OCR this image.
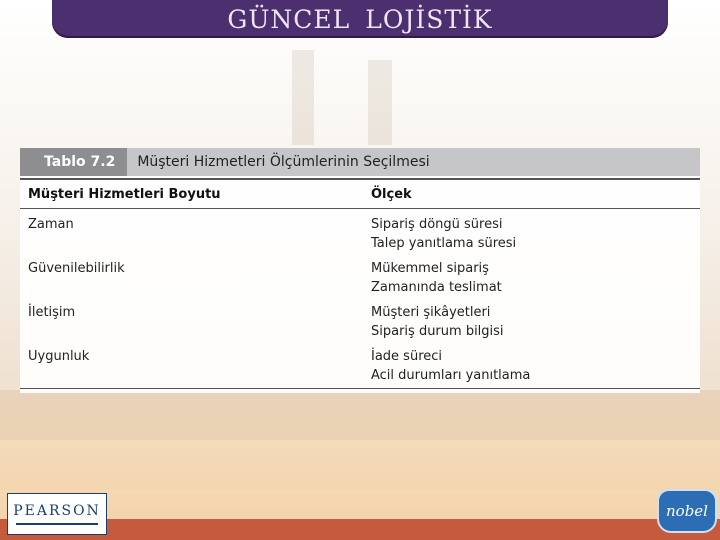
GÜNCEL LOJİSTİK
Tablo 7.2	Müşteri Hizmetleri Ölçümlerinin Seçilmesi
Müşteri Hizmetleri Boyutu	Ölçek
Zaman	Sipariş döngü süresi
Talep yanıtlama süresi
Güvenilebilirlik	Mükemmel sipariş
Zamanında teslimat
İletişim	Müşteri şikâyetleri
Sipariş durum bilgisi
Uygunluk	İade süreci
Acil durumları yanıtlama
PEARSON	nobel
